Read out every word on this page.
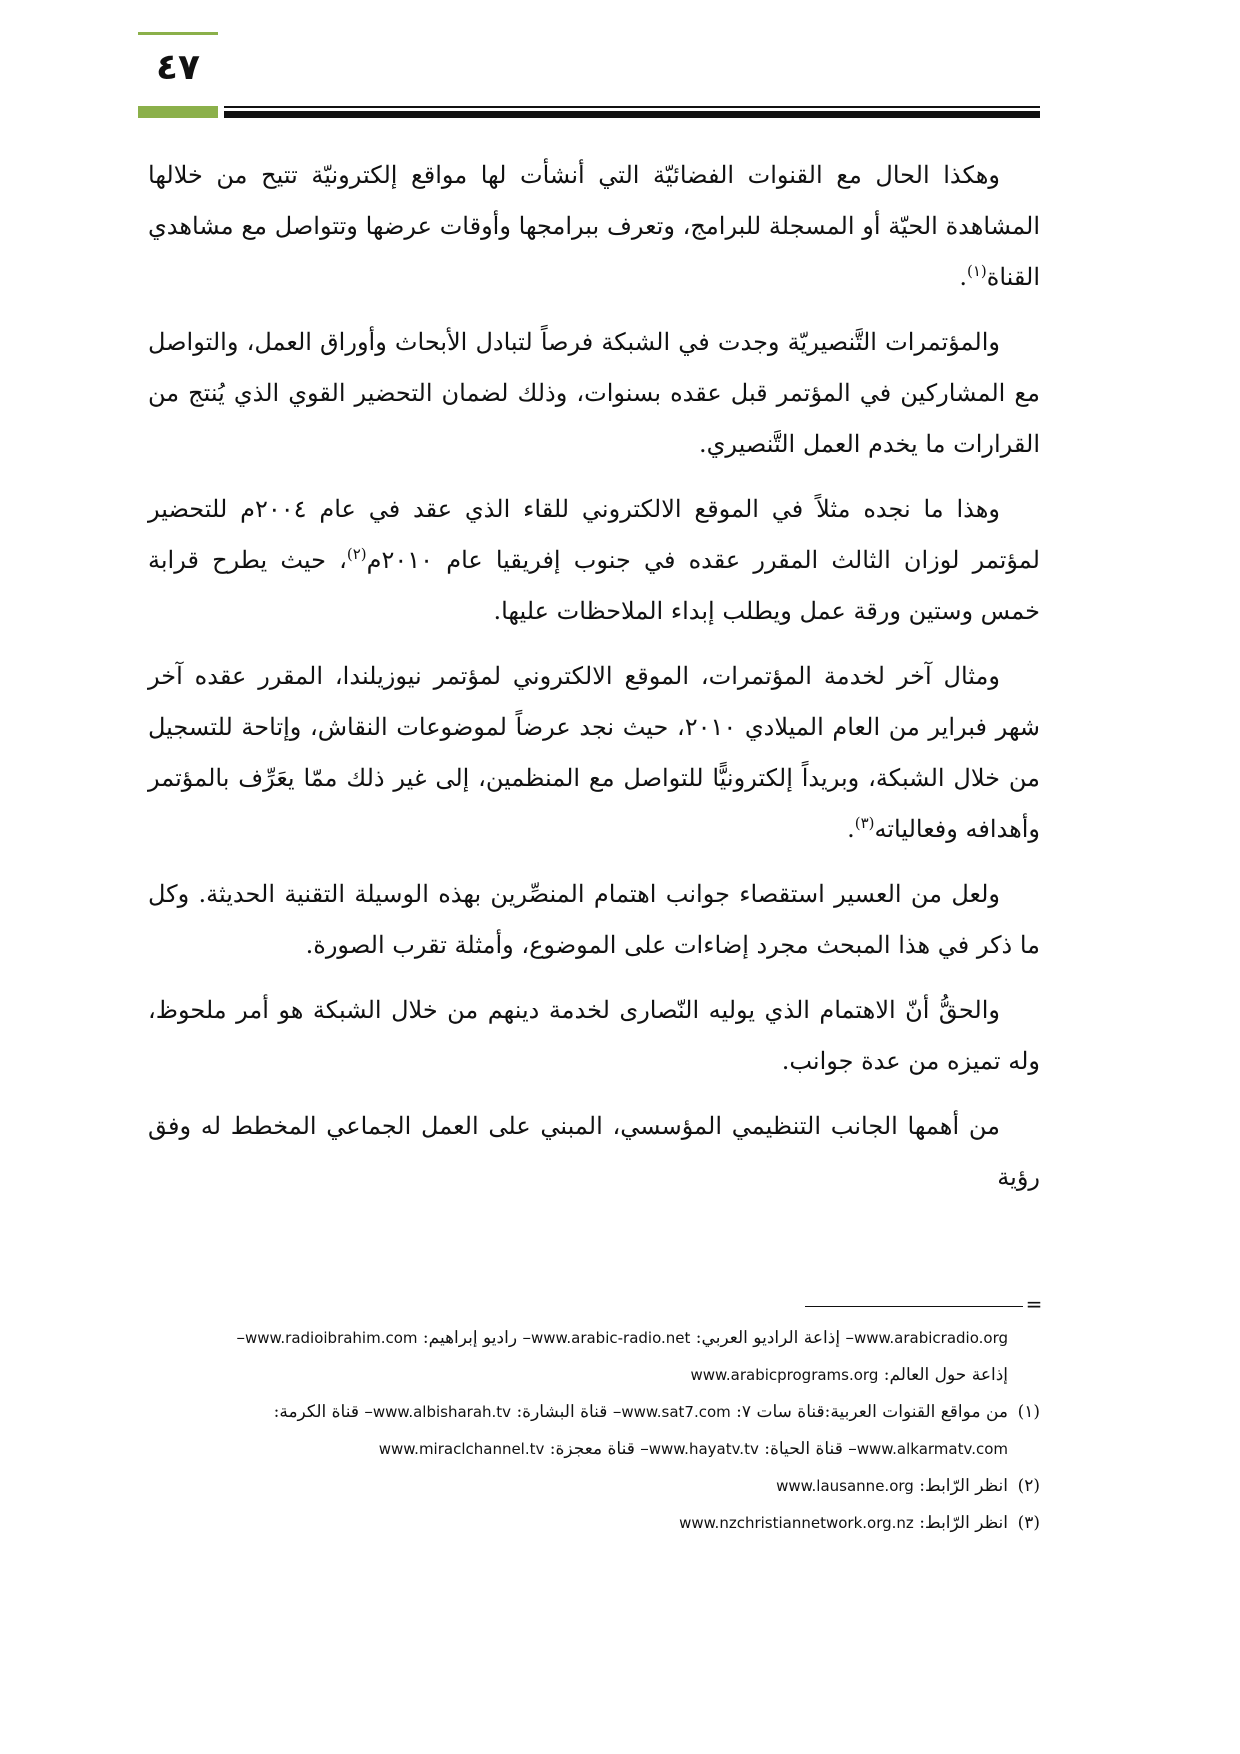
٤٧

وهكذا الحال مع القنوات الفضائيّة التي أنشأت لها مواقع إلكترونيّة تتيح من خلالها المشاهدة الحيّة أو المسجلة للبرامج، وتعرف ببرامجها وأوقات عرضها وتتواصل مع مشاهدي القناة$^{(١)}$.

والمؤتمرات التَّنصيريّة وجدت في الشبكة فرصاً لتبادل الأبحاث وأوراق العمل، والتواصل مع المشاركين في المؤتمر قبل عقده بسنوات، وذلك لضمان التحضير القوي الذي يُنتج من القرارات ما يخدم العمل التَّنصيري.

وهذا ما نجده مثلاً في الموقع الالكتروني للقاء الذي عقد في عام ٢٠٠٤م للتحضير لمؤتمر لوزان الثالث المقرر عقده في جنوب إفريقيا عام ٢٠١٠م$^{(٢)}$، حيث يطرح قرابة خمس وستين ورقة عمل ويطلب إبداء الملاحظات عليها.

ومثال آخر لخدمة المؤتمرات، الموقع الالكتروني لمؤتمر نيوزيلندا، المقرر عقده آخر شهر فبراير من العام الميلادي ٢٠١٠، حيث نجد عرضاً لموضوعات النقاش، وإتاحة للتسجيل من خلال الشبكة، وبريداً إلكترونيًّا للتواصل مع المنظمين، إلى غير ذلك ممّا يعَرِّف بالمؤتمر وأهدافه وفعالياته$^{(٣)}$.

ولعل من العسير استقصاء جوانب اهتمام المنصِّرين بهذه الوسيلة التقنية الحديثة. وكل ما ذكر في هذا المبحث مجرد إضاءات على الموضوع، وأمثلة تقرب الصورة.

والحقُّ أنّ الاهتمام الذي يوليه النّصارى لخدمة دينهم من خلال الشبكة هو أمر ملحوظ، وله تميزه من عدة جوانب.

من أهمها الجانب التنظيمي المؤسسي، المبني على العمل الجماعي المخطط له وفق رؤية

=

www.arabicradio.org– إذاعة الراديو العربي: www.arabic-radio.net– راديو إبراهيم: www.radioibrahim.com–

إذاعة حول العالم: www.arabicprograms.org

(١)من مواقع القنوات العربية:قناة سات ٧: www.sat7.com– قناة البشارة: www.albisharah.tv– قناة الكرمة:

www.alkarmatv.com– قناة الحياة: www.hayatv.tv– قناة معجزة: www.miraclchannel.tv

(٢)انظر الرّابط: www.lausanne.org

(٣)انظر الرّابط: www.nzchristiannetwork.org.nz
